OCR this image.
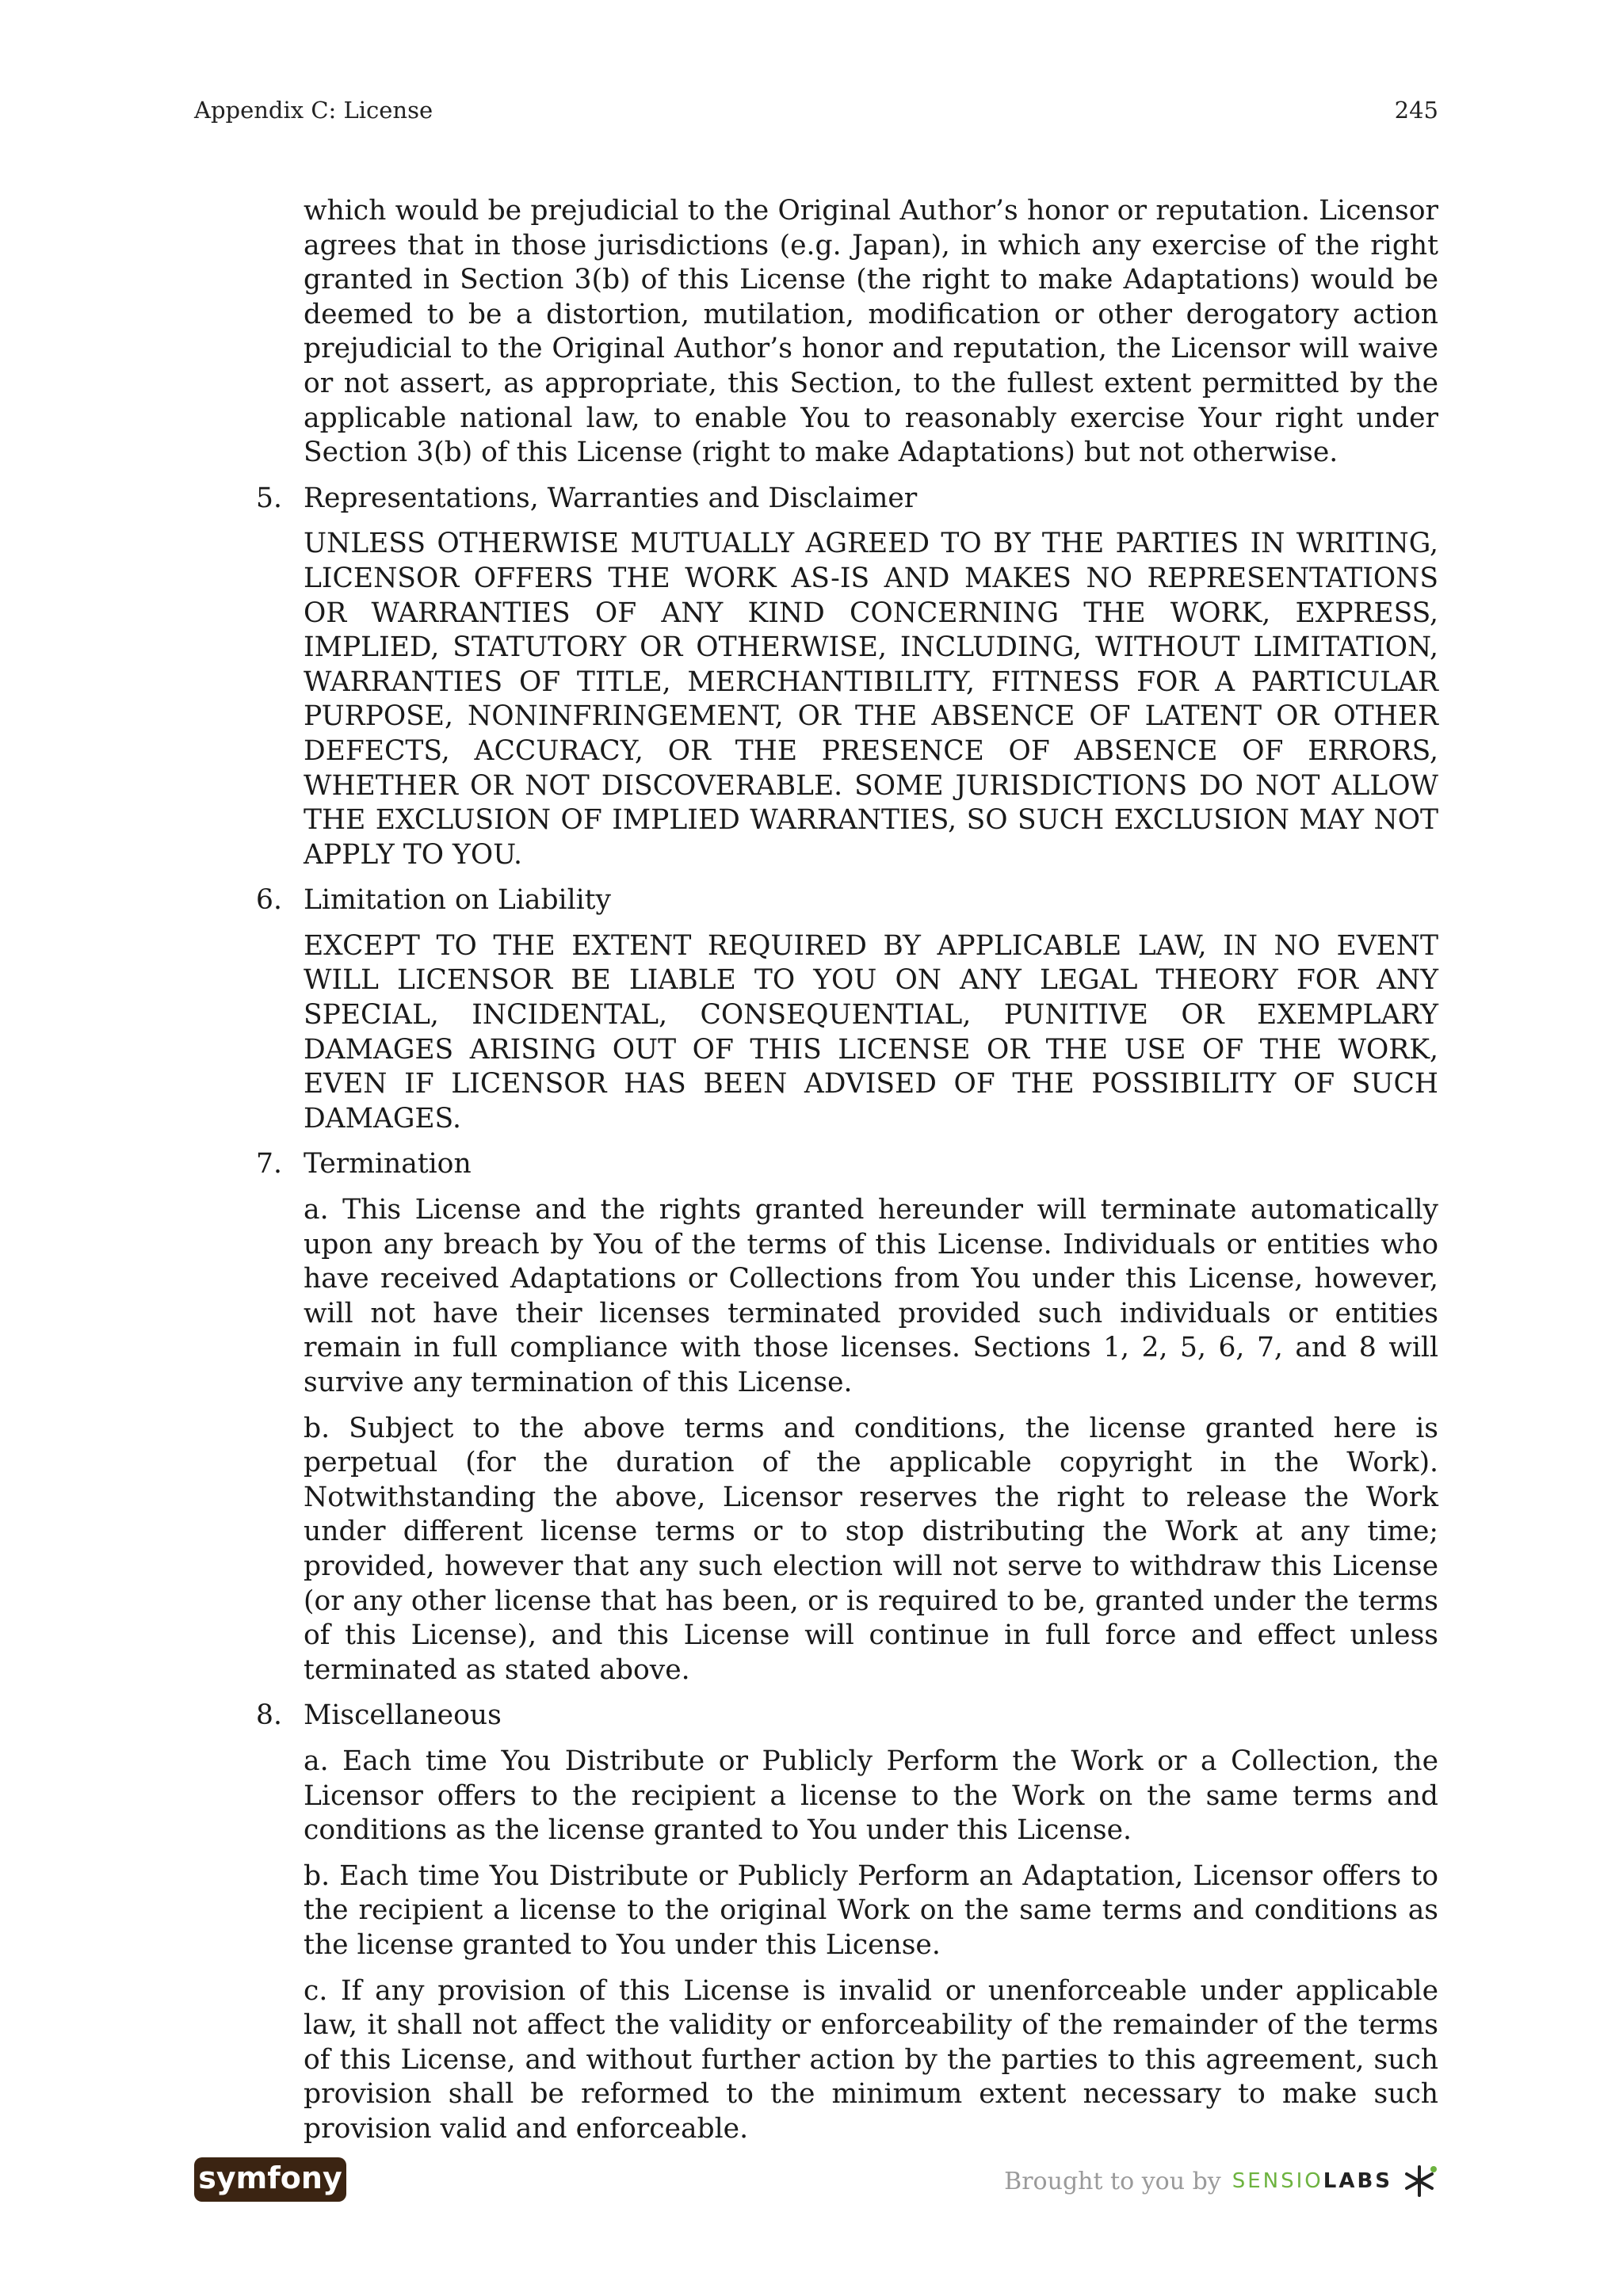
Appendix C: License	245

which would be prejudicial to the Original Author’s honor or reputation. Licensor agrees that in those jurisdictions (e.g. Japan), in which any exercise of the right granted in Section 3(b) of this License (the right to make Adaptations) would be deemed to be a distortion, mutilation, modification or other derogatory action prejudicial to the Original Author’s honor and reputation, the Licensor will waive or not assert, as appropriate, this Section, to the fullest extent permitted by the applicable national law, to enable You to reasonably exercise Your right under Section 3(b) of this License (right to make Adaptations) but not otherwise.

5. Representations, Warranties and Disclaimer

UNLESS OTHERWISE MUTUALLY AGREED TO BY THE PARTIES IN WRITING, LICENSOR OFFERS THE WORK AS-IS AND MAKES NO REPRESENTATIONS OR WARRANTIES OF ANY KIND CONCERNING THE WORK, EXPRESS, IMPLIED, STATUTORY OR OTHERWISE, INCLUDING, WITHOUT LIMITATION, WARRANTIES OF TITLE, MERCHANTIBILITY, FITNESS FOR A PARTICULAR PURPOSE, NONINFRINGEMENT, OR THE ABSENCE OF LATENT OR OTHER DEFECTS, ACCURACY, OR THE PRESENCE OF ABSENCE OF ERRORS, WHETHER OR NOT DISCOVERABLE. SOME JURISDICTIONS DO NOT ALLOW THE EXCLUSION OF IMPLIED WARRANTIES, SO SUCH EXCLUSION MAY NOT APPLY TO YOU.

6. Limitation on Liability

EXCEPT TO THE EXTENT REQUIRED BY APPLICABLE LAW, IN NO EVENT WILL LICENSOR BE LIABLE TO YOU ON ANY LEGAL THEORY FOR ANY SPECIAL, INCIDENTAL, CONSEQUENTIAL, PUNITIVE OR EXEMPLARY DAMAGES ARISING OUT OF THIS LICENSE OR THE USE OF THE WORK, EVEN IF LICENSOR HAS BEEN ADVISED OF THE POSSIBILITY OF SUCH DAMAGES.

7. Termination

a. This License and the rights granted hereunder will terminate automatically upon any breach by You of the terms of this License. Individuals or entities who have received Adaptations or Collections from You under this License, however, will not have their licenses terminated provided such individuals or entities remain in full compliance with those licenses. Sections 1, 2, 5, 6, 7, and 8 will survive any termination of this License.

b. Subject to the above terms and conditions, the license granted here is perpetual (for the duration of the applicable copyright in the Work). Notwithstanding the above, Licensor reserves the right to release the Work under different license terms or to stop distributing the Work at any time; provided, however that any such election will not serve to withdraw this License (or any other license that has been, or is required to be, granted under the terms of this License), and this License will continue in full force and effect unless terminated as stated above.

8. Miscellaneous

a. Each time You Distribute or Publicly Perform the Work or a Collection, the Licensor offers to the recipient a license to the Work on the same terms and conditions as the license granted to You under this License.

b. Each time You Distribute or Publicly Perform an Adaptation, Licensor offers to the recipient a license to the original Work on the same terms and conditions as the license granted to You under this License.

c. If any provision of this License is invalid or unenforceable under applicable law, it shall not affect the validity or enforceability of the remainder of the terms of this License, and without further action by the parties to this agreement, such provision shall be reformed to the minimum extent necessary to make such provision valid and enforceable.

symfony	Brought to you by SENSIO LABS
